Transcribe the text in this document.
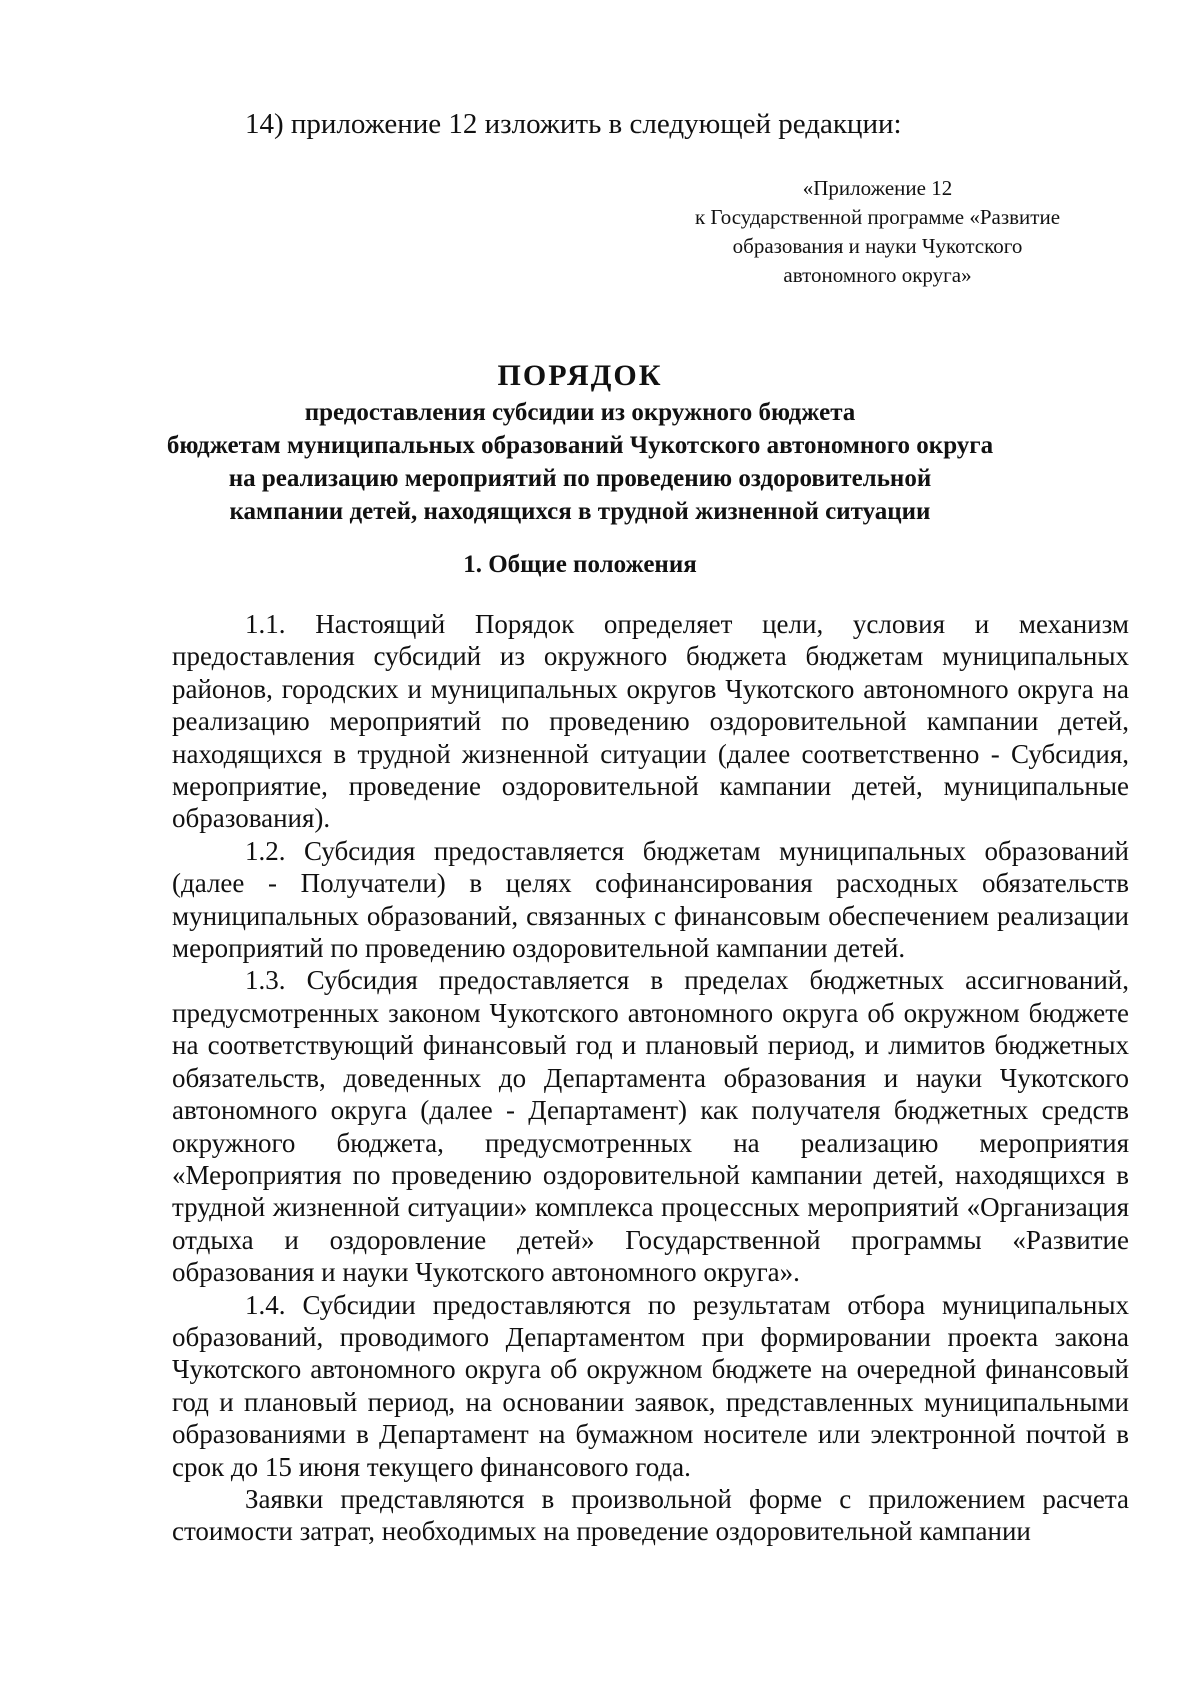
14) приложение 12 изложить в следующей редакции:
«Приложение 12
к Государственной программе «Развитие
образования и науки Чукотского
автономного округа»
ПОРЯДОК
предоставления субсидии из окружного бюджета
бюджетам муниципальных образований Чукотского автономного округа
на реализацию мероприятий по проведению оздоровительной
кампании детей, находящихся в трудной жизненной ситуации
1. Общие положения

1.1. Настоящий Порядок определяет цели, условия и механизм предоставления субсидий из окружного бюджета бюджетам муниципальных районов, городских и муниципальных округов Чукотского автономного округа на реализацию мероприятий по проведению оздоровительной кампании детей, находящихся в трудной жизненной ситуации (далее соответственно - Субсидия, мероприятие, проведение оздоровительной кампании детей, муниципальные образования).

1.2. Субсидия предоставляется бюджетам муниципальных образований (далее - Получатели) в целях софинансирования расходных обязательств муниципальных образований, связанных с финансовым обеспечением реализации мероприятий по проведению оздоровительной кампании детей.

1.3. Субсидия предоставляется в пределах бюджетных ассигнований, предусмотренных законом Чукотского автономного округа об окружном бюджете на соответствующий финансовый год и плановый период, и лимитов бюджетных обязательств, доведенных до Департамента образования и науки Чукотского автономного округа (далее - Департамент) как получателя бюджетных средств окружного бюджета, предусмотренных на реализацию мероприятия «Мероприятия по проведению оздоровительной кампании детей, находящихся в трудной жизненной ситуации» комплекса процессных мероприятий «Организация отдыха и оздоровление детей» Государственной программы «Развитие образования и науки Чукотского автономного округа».

1.4. Субсидии предоставляются по результатам отбора муниципальных образований, проводимого Департаментом при формировании проекта закона Чукотского автономного округа об окружном бюджете на очередной финансовый год и плановый период, на основании заявок, представленных муниципальными образованиями в Департамент на бумажном носителе или электронной почтой в срок до 15 июня текущего финансового года.

Заявки представляются в произвольной форме с приложением расчета стоимости затрат, необходимых на проведение оздоровительной кампании
